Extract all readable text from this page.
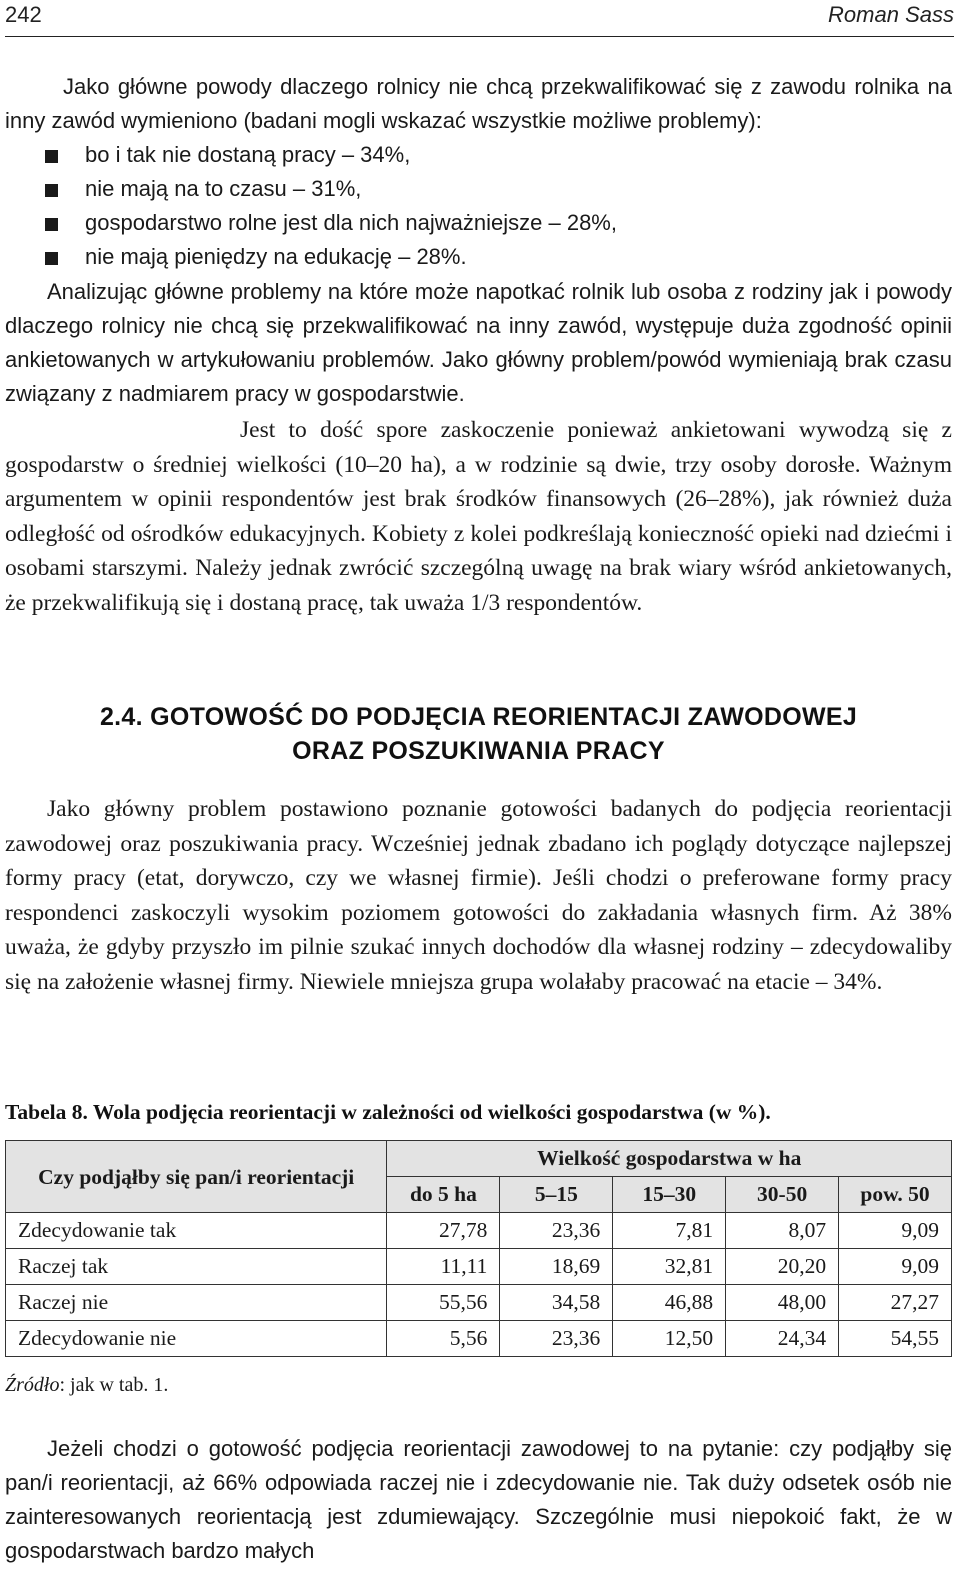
242	Roman Sass

Jako główne powody dlaczego rolnicy nie chcą przekwalifikować się z zawodu rolnika na inny zawód wymieniono (badani mogli wskazać wszystkie możliwe problemy):

bo i tak nie dostaną pracy – 34%,
nie mają na to czasu – 31%,
gospodarstwo rolne jest dla nich najważniejsze – 28%,
nie mają pieniędzy na edukację – 28%.

Analizując główne problemy na które może napotkać rolnik lub osoba z rodziny jak i powody dlaczego rolnicy nie chcą się przekwalifikować na inny zawód, występuje duża zgodność opinii ankietowanych w artykułowaniu problemów. Jako główny problem/powód wymieniają brak czasu związany z nadmiarem pracy w gospodarstwie.

Jest to dość spore zaskoczenie ponieważ ankietowani wywodzą się z gospodarstw o średniej wielkości (10–20 ha), a w rodzinie są dwie, trzy osoby dorosłe. Ważnym argumentem w opinii respondentów jest brak środków finansowych (26–28%), jak również duża odległość od ośrodków edukacyjnych. Kobiety z kolei podkreślają konieczność opieki nad dziećmi i osobami starszymi. Należy jednak zwrócić szczególną uwagę na brak wiary wśród ankietowanych, że przekwalifikują się i dostaną pracę, tak uważa 1/3 respondentów.

2.4. GOTOWOŚĆ DO PODJĘCIA REORIENTACJI ZAWODOWEJ
ORAZ POSZUKIWANIA PRACY

Jako główny problem postawiono poznanie gotowości badanych do podjęcia reorientacji zawodowej oraz poszukiwania pracy. Wcześniej jednak zbadano ich poglądy dotyczące najlepszej formy pracy (etat, dorywczo, czy we własnej firmie). Jeśli chodzi o preferowane formy pracy respondenci zaskoczyli wysokim poziomem gotowości do zakładania własnych firm. Aż 38% uważa, że gdyby przyszło im pilnie szukać innych dochodów dla własnej rodziny – zdecydowaliby się na założenie własnej firmy. Niewiele mniejsza grupa wolałaby pracować na etacie – 34%.

Tabela 8. Wola podjęcia reorientacji w zależności od wielkości gospodarstwa (w %).
Czy podjąłby się pan/i reorientacji	Wielkość gospodarstwa w ha				
	do 5 ha	5–15	15–30	30-50	pow. 50
Zdecydowanie tak	27,78	23,36	7,81	8,07	9,09
Raczej tak	11,11	18,69	32,81	20,20	9,09
Raczej nie	55,56	34,58	46,88	48,00	27,27
Zdecydowanie nie	5,56	23,36	12,50	24,34	54,55
Źródło: jak w tab. 1.

Jeżeli chodzi o gotowość podjęcia reorientacji zawodowej to na pytanie: czy podjąłby się pan/i reorientacji, aż 66% odpowiada raczej nie i zdecydowanie nie. Tak duży odsetek osób nie zainteresowanych reorientacją jest zdumiewający. Szczególnie musi niepokoić fakt, że w gospodarstwach bardzo małych
